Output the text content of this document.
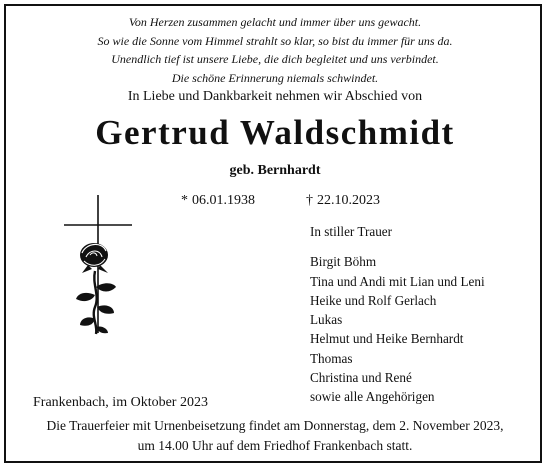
Von Herzen zusammen gelacht und immer über uns gewacht.
So wie die Sonne vom Himmel strahlt so klar, so bist du immer für uns da.
Unendlich tief ist unsere Liebe, die dich begleitet und uns verbindet.
Die schöne Erinnerung niemals schwindet.
In Liebe und Dankbarkeit nehmen wir Abschied von
Gertrud Waldschmidt
geb. Bernhardt
* 06.01.1938	† 22.10.2023
In stiller Trauer
Birgit Böhm
Tina und Andi mit Lian und Leni
Heike und Rolf Gerlach
Lukas
Helmut und Heike Bernhardt
Thomas
Christina und René
sowie alle Angehörigen
Frankenbach, im Oktober 2023
Die Trauerfeier mit Urnenbeisetzung findet am Donnerstag, dem 2. November 2023,
um 14.00 Uhr auf dem Friedhof Frankenbach statt.
